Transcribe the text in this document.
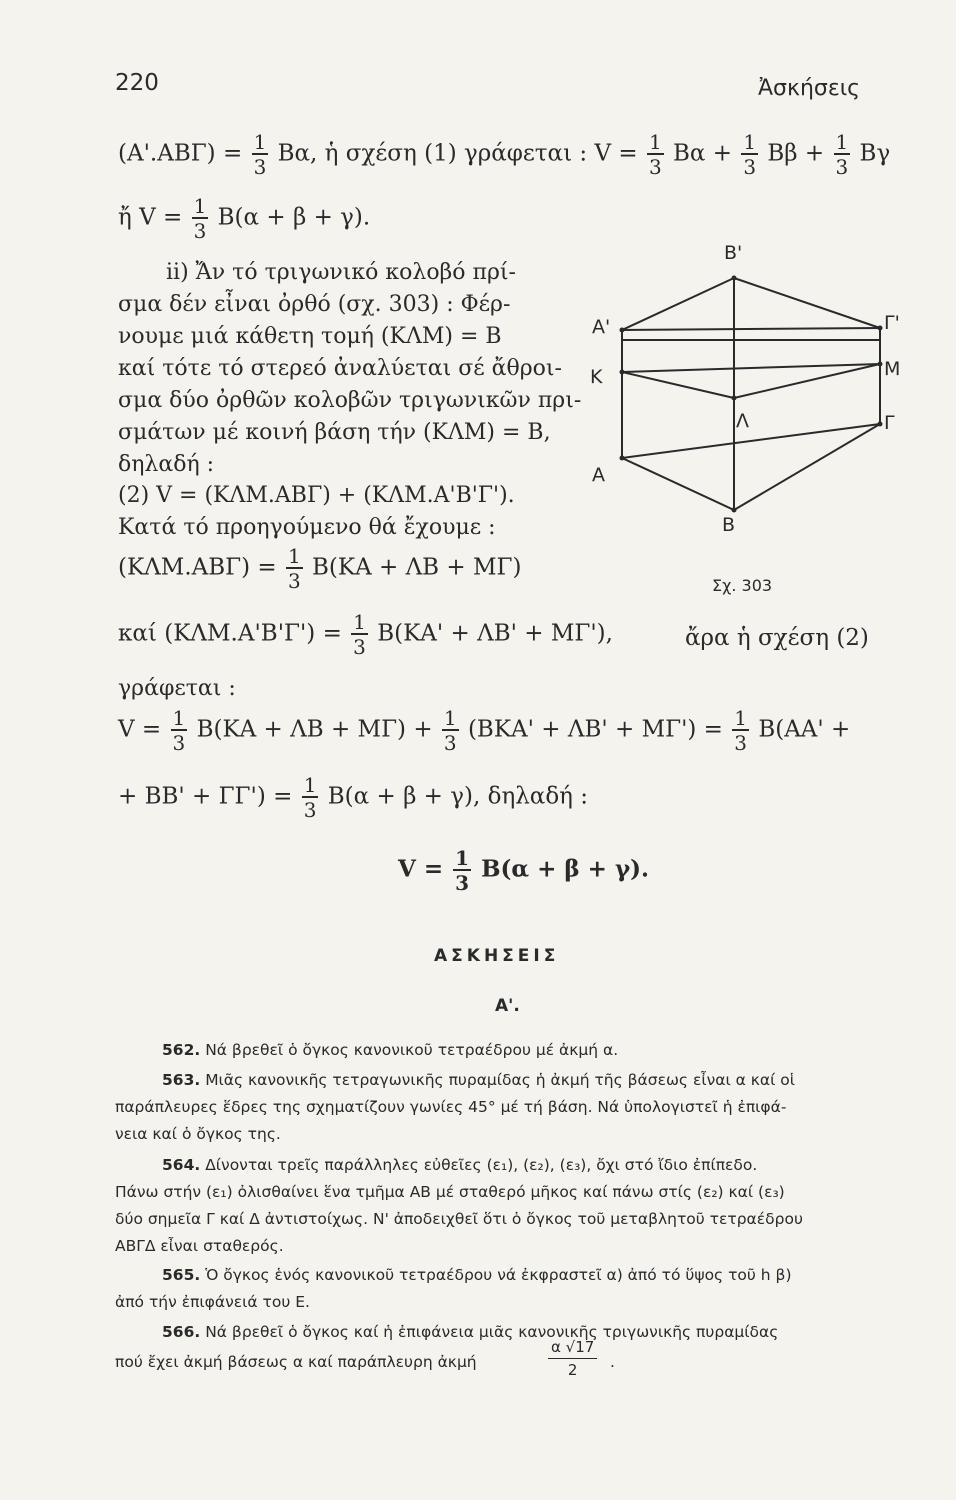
220	Ἀσκήσεις
$(A'.AB\Gamma) = \frac{1}{3} B\alpha$, ἡ σχέση (1) γράφεται : $V = \frac{1}{3}$ $B\alpha + \frac{1}{3}$ $B\beta + \frac{1}{3}$ Βγ
ἤ $V = \frac{1}{3} B(\alpha + \beta + \gamma)$.
ii) Ἄν τό τριγωνικό κολοβό πρί-
σμα δέν εἶναι ὀρθό (σχ. 303) : Φέρ-
νουμε μιά κάθετη τομή (ΚΛΜ) = Β
καί τότε τό στερεό ἀναλύεται σέ ἄθροι-
σμα δύο ὀρθῶν κολοβῶν τριγωνικῶν πρι-
σμάτων μέ κοινή βάση τήν (ΚΛΜ) = Β,
δηλαδή :
(2) V = (ΚΛΜ.ΑΒΓ) + (ΚΛΜ.Α'Β'Γ').
Κατά τό προηγούμενο θά ἔχουμε :
$(K\Lambda M.AB\Gamma) = \frac{1}{3} B(KA + \Lambda B + M\Gamma)$
καί $(K\Lambda M.A'B'\Gamma') = \frac{1}{3} B(KA' + \Lambda B' + M\Gamma')$,	ἄρα ἡ σχέση (2)
γράφεται :
$V = \frac{1}{3} B(KA + \Lambda B + M\Gamma) + \frac{1}{3} (BKA' + \Lambda B' + M\Gamma') = \frac{1}{3} B(AA'$ +
+ $BB' + \Gamma\Gamma') = \frac{1}{3} B(\alpha + \beta + \gamma)$, δηλαδή :
$V = \frac{1}{3} B(\alpha + \beta + \gamma)$.
Β'
Α'	Γ'
Κ	Μ
Λ	Γ
Α
Β
Σχ. 303
ΑΣΚΗΣΕΙΣ
Α'.
562. Νά βρεθεῖ ὁ ὄγκος κανονικοῦ τετραέδρου μέ ἀκμή α.
563. Μιᾶς κανονικῆς τετραγωνικῆς πυραμίδας ἡ ἀκμή τῆς βάσεως εἶναι α καί οἱ
παράπλευρες ἕδρες της σχηματίζουν γωνίες 45° μέ τή βάση. Νά ὑπολογιστεῖ ἡ ἐπιφά-
νεια καί ὁ ὄγκος της.
564. Δίνονται τρεῖς παράλληλες εὐθεῖες (ε₁), (ε₂), (ε₃), ὄχι στό ἴδιο ἐπίπεδο.
Πάνω στήν (ε₁) ὀλισθαίνει ἕνα τμῆμα ΑΒ μέ σταθερό μῆκος καί πάνω στίς (ε₂) καί (ε₃)
δύο σημεῖα Γ καί Δ ἀντιστοίχως. Ν' ἀποδειχθεῖ ὅτι ὁ ὄγκος τοῦ μεταβλητοῦ τετραέδρου
ΑΒΓΔ εἶναι σταθερός.
565. Ὁ ὄγκος ἑνός κανονικοῦ τετραέδρου νά ἐκφραστεῖ α) ἀπό τό ὕψος τοῦ h β)
ἀπό τήν ἐπιφάνειά του Ε.
566. Νά βρεθεῖ ὁ ὄγκος καί ἡ ἐπιφάνεια μιᾶς κανονικῆς τριγωνικῆς πυραμίδας
πού ἔχει ἀκμή βάσεως α καί παράπλευρη ἀκμή	$\frac{\alpha √17}{2}$ .
